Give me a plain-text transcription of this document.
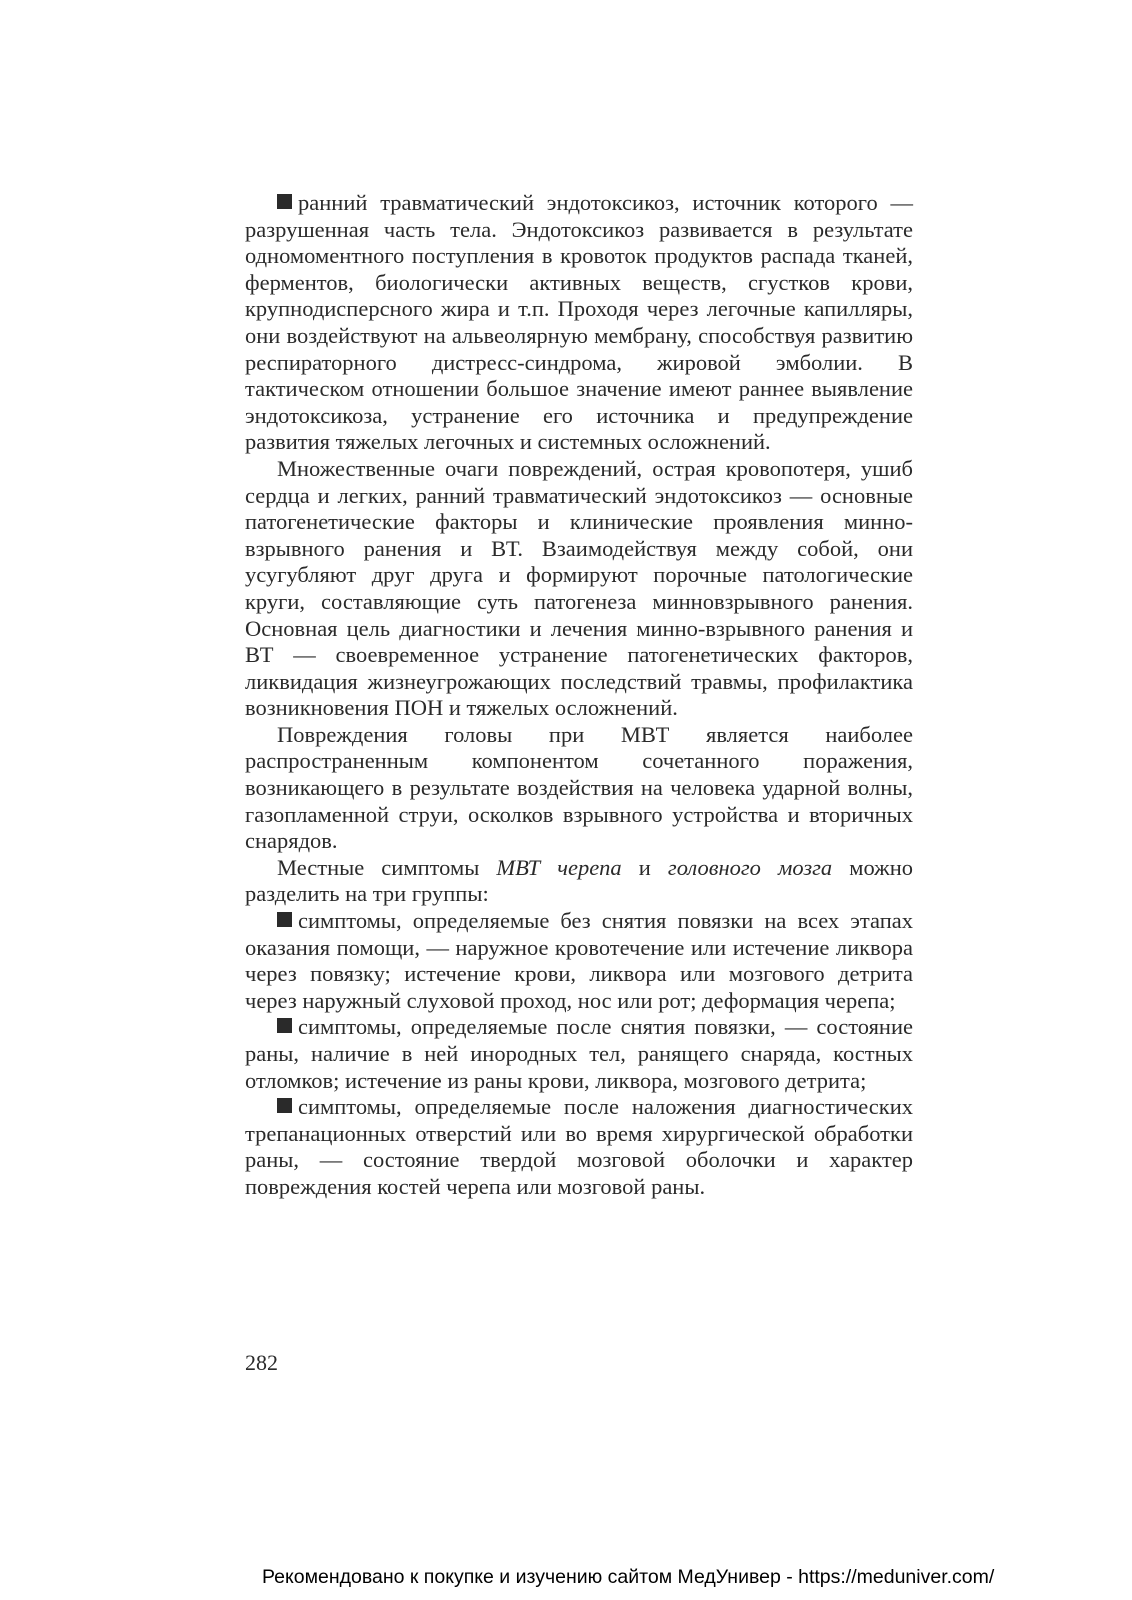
ранний травматический эндотоксикоз, источник которого — разрушенная часть тела. Эндотоксикоз развивается в результате одномоментного поступления в кровоток продуктов распада тканей, ферментов, биологически активных веществ, сгустков крови, крупнодисперсного жира и т.п. Проходя через легочные капилляры, они воздействуют на альвеолярную мембрану, способствуя развитию респираторного дистресс-синдрома, жировой эмболии. В тактическом отношении большое значение имеют раннее выявление эндотоксикоза, устранение его источника и предупреждение развития тяжелых легочных и системных осложнений.

Множественные очаги повреждений, острая кровопотеря, ушиб сердца и легких, ранний травматический эндотоксикоз — основные патогенетические факторы и клинические проявления минно-взрывного ранения и ВТ. Взаимодействуя между собой, они усугубляют друг друга и формируют порочные патологические круги, составляющие суть патогенеза минновзрывного ранения. Основная цель диагностики и лечения минно-взрывного ранения и ВТ — своевременное устранение патогенетических факторов, ликвидация жизнеугрожающих последствий травмы, профилактика возникновения ПОН и тяжелых осложнений.

Повреждения головы при МВТ является наиболее распространенным компонентом сочетанного поражения, возникающего в результате воздействия на человека ударной волны, газопламенной струи, осколков взрывного устройства и вторичных снарядов.

Местные симптомы МВТ черепа и головного мозга можно разделить на три группы:

симптомы, определяемые без снятия повязки на всех этапах оказания помощи, — наружное кровотечение или истечение ликвора через повязку; истечение крови, ликвора или мозгового детрита через наружный слуховой проход, нос или рот; деформация черепа;

симптомы, определяемые после снятия повязки, — состояние раны, наличие в ней инородных тел, ранящего снаряда, костных отломков; истечение из раны крови, ликвора, мозгового детрита;

симптомы, определяемые после наложения диагностических трепанационных отверстий или во время хирургической обработки раны, — состояние твердой мозговой оболочки и характер повреждения костей черепа или мозговой раны.

282
Рекомендовано к покупке и изучению сайтом МедУнивер - https://meduniver.com/
